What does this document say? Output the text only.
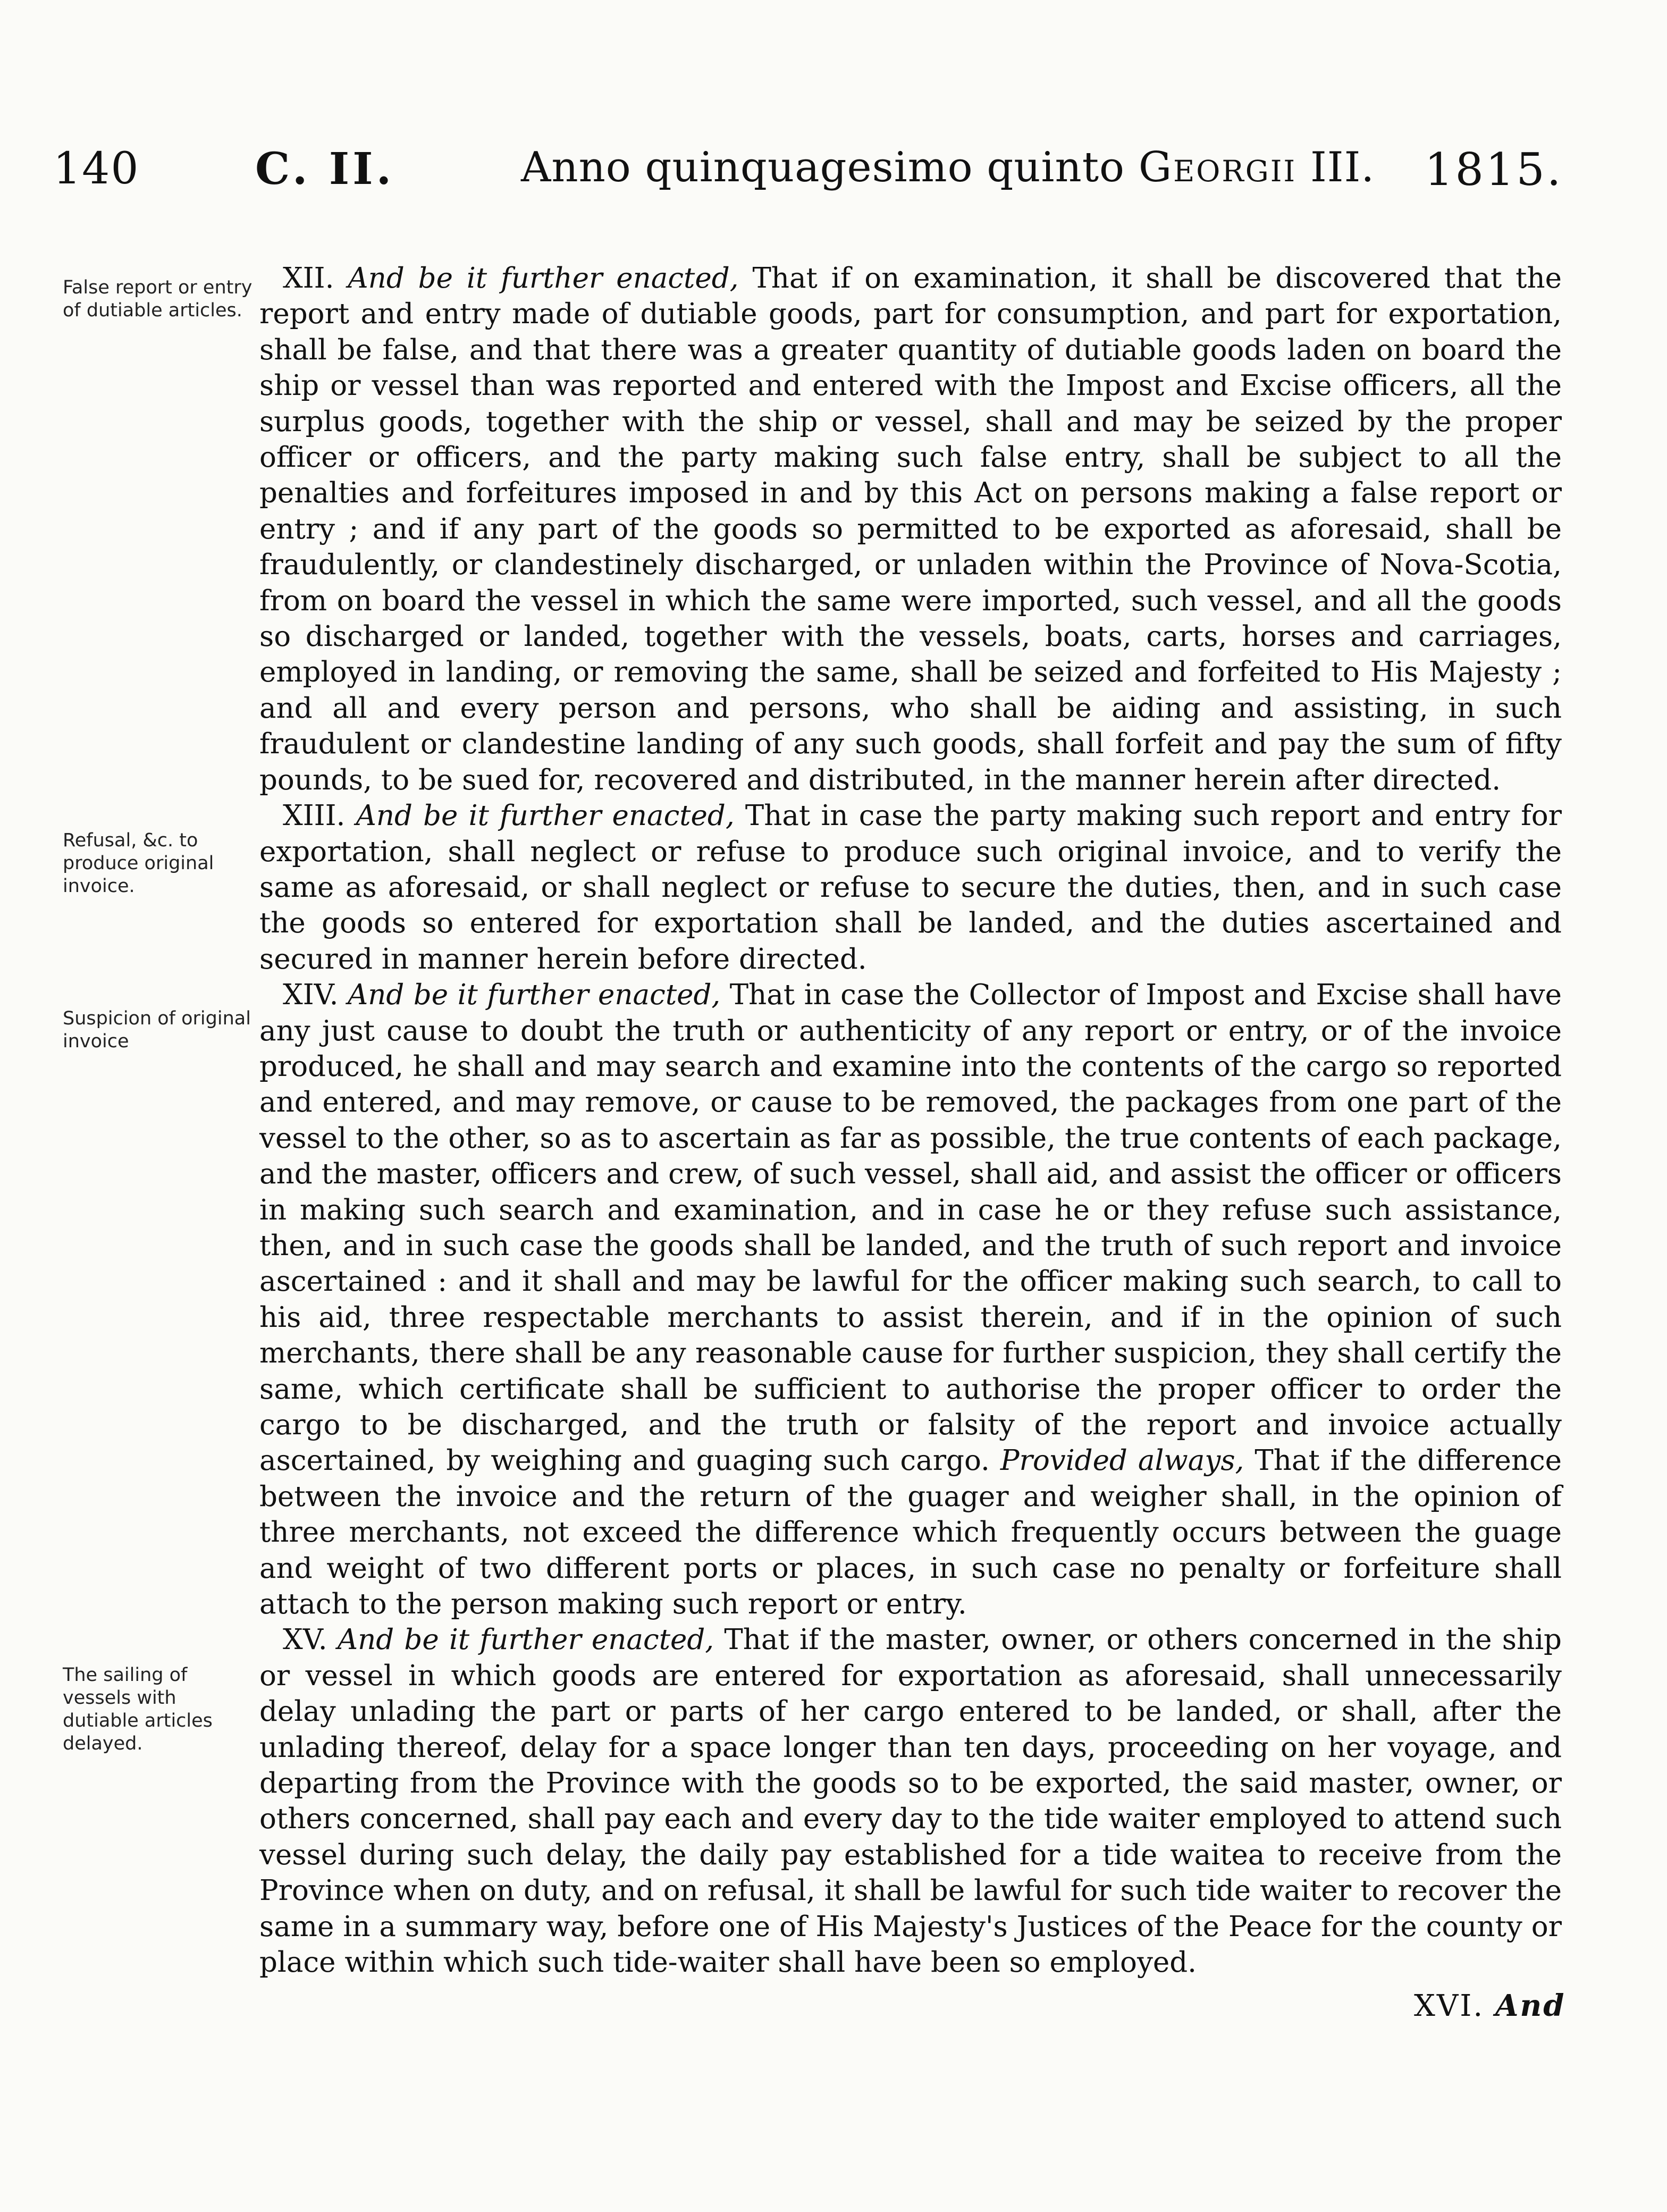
140	C. II.	Anno quinquagesimo quinto Georgii III. 1815.
False report or entry of dutiable articles.
Refusal, &c. to produce original invoice.
Suspicion of original invoice
The sailing of vessels with dutiable articles delayed.

XII. And be it further enacted, That if on examination, it shall be discovered that the report and entry made of dutiable goods, part for consumption, and part for exportation, shall be false, and that there was a greater quantity of dutiable goods laden on board the ship or vessel than was reported and entered with the Impost and Excise officers, all the surplus goods, together with the ship or vessel, shall and may be seized by the proper officer or officers, and the party making such false entry, shall be subject to all the penalties and forfeitures imposed in and by this Act on persons making a false report or entry ; and if any part of the goods so permitted to be exported as aforesaid, shall be fraudulently, or clandestinely discharged, or unladen within the Province of Nova-Scotia, from on board the vessel in which the same were imported, such vessel, and all the goods so discharged or landed, together with the vessels, boats, carts, horses and carriages, employed in landing, or removing the same, shall be seized and forfeited to His Majesty ; and all and every person and persons, who shall be aiding and assisting, in such fraudulent or clandestine landing of any such goods, shall forfeit and pay the sum of fifty pounds, to be sued for, recovered and distributed, in the manner herein after directed.

XIII. And be it further enacted, That in case the party making such report and entry for exportation, shall neglect or refuse to produce such original invoice, and to verify the same as aforesaid, or shall neglect or refuse to secure the duties, then, and in such case the goods so entered for exportation shall be landed, and the duties ascertained and secured in manner herein before directed.

XIV. And be it further enacted, That in case the Collector of Impost and Excise shall have any just cause to doubt the truth or authenticity of any report or entry, or of the invoice produced, he shall and may search and examine into the contents of the cargo so reported and entered, and may remove, or cause to be removed, the packages from one part of the vessel to the other, so as to ascertain as far as possible, the true contents of each package, and the master, officers and crew, of such vessel, shall aid, and assist the officer or officers in making such search and examination, and in case he or they refuse such assistance, then, and in such case the goods shall be landed, and the truth of such report and invoice ascertained : and it shall and may be lawful for the officer making such search, to call to his aid, three respectable merchants to assist therein, and if in the opinion of such merchants, there shall be any reasonable cause for further suspicion, they shall certify the same, which certificate shall be sufficient to authorise the proper officer to order the cargo to be discharged, and the truth or falsity of the report and invoice actually ascertained, by weighing and guaging such cargo. Provided always, That if the difference between the invoice and the return of the guager and weigher shall, in the opinion of three merchants, not exceed the difference which frequently occurs between the guage and weight of two different ports or places, in such case no penalty or forfeiture shall attach to the person making such report or entry.

XV. And be it further enacted, That if the master, owner, or others concerned in the ship or vessel in which goods are entered for exportation as aforesaid, shall unnecessarily delay unlading the part or parts of her cargo entered to be landed, or shall, after the unlading thereof, delay for a space longer than ten days, proceeding on her voyage, and departing from the Province with the goods so to be exported, the said master, owner, or others concerned, shall pay each and every day to the tide waiter employed to attend such vessel during such delay, the daily pay established for a tide waitea to receive from the Province when on duty, and on refusal, it shall be lawful for such tide waiter to recover the same in a summary way, before one of His Majesty's Justices of the Peace for the county or place within which such tide-waiter shall have been so employed.

XVI. And
